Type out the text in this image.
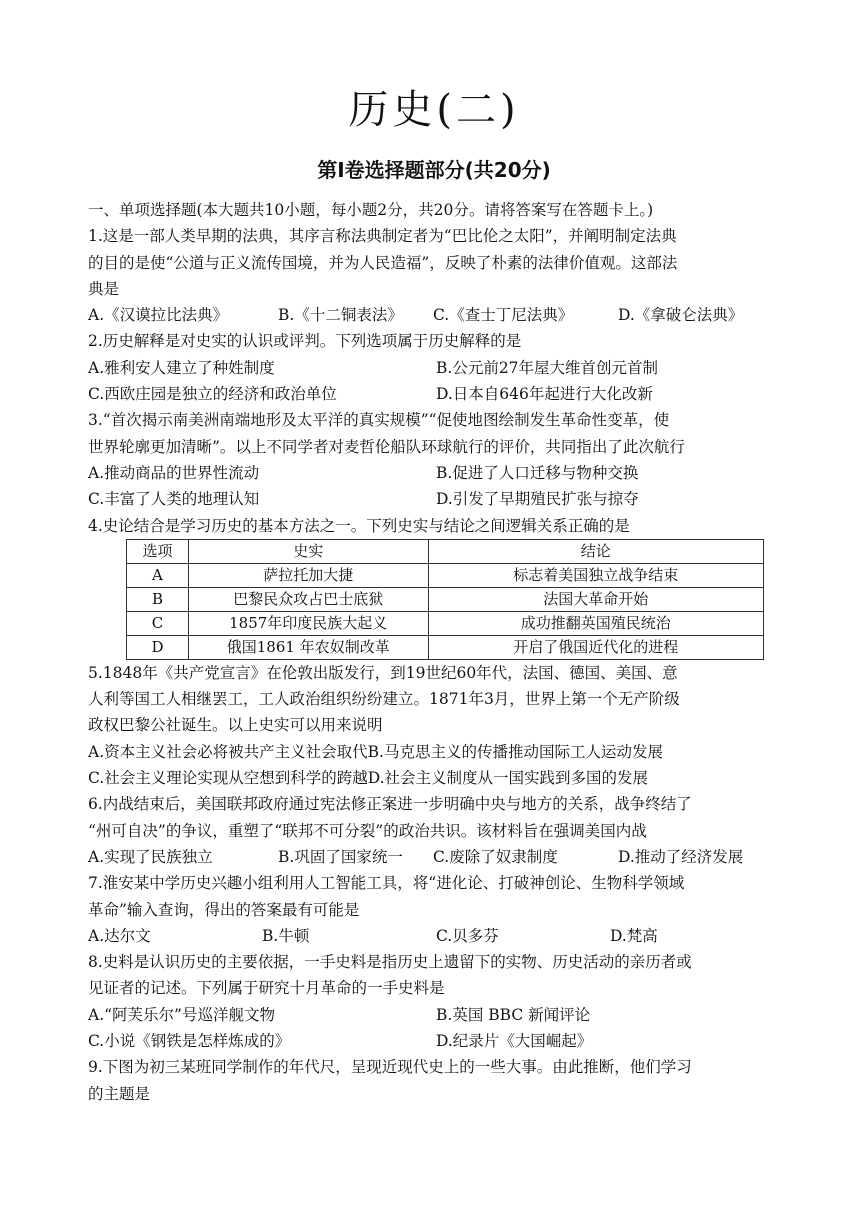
历史(二)
第Ⅰ卷选择题部分(共20分)
一、单项选择题(本大题共10小题，每小题2分，共20分。请将答案写在答题卡上。)
1.这是一部人类早期的法典，其序言称法典制定者为“巴比伦之太阳”，并阐明制定法典
的目的是使“公道与正义流传国境，并为人民造福”，反映了朴素的法律价值观。这部法
典是
A.《汉谟拉比法典》	B.《十二铜表法》	C.《查士丁尼法典》	D.《拿破仑法典》
2.历史解释是对史实的认识或评判。下列选项属于历史解释的是
A.雅利安人建立了种姓制度	B.公元前27年屋大维首创元首制
C.西欧庄园是独立的经济和政治单位	D.日本自646年起进行大化改新
3.“首次揭示南美洲南端地形及太平洋的真实规模”“促使地图绘制发生革命性变革，使
世界轮廓更加清晰”。以上不同学者对麦哲伦船队环球航行的评价，共同指出了此次航行
A.推动商品的世界性流动	B.促进了人口迁移与物种交换
C.丰富了人类的地理认知	D.引发了早期殖民扩张与掠夺
4.史论结合是学习历史的基本方法之一。下列史实与结论之间逻辑关系正确的是
选项	史实	结论
A	萨拉托加大捷	标志着美国独立战争结束
B	巴黎民众攻占巴士底狱	法国大革命开始
C	1857年印度民族大起义	成功推翻英国殖民统治
D	俄国1861 年农奴制改革	开启了俄国近代化的进程
5.1848年《共产党宣言》在伦敦出版发行，到19世纪60年代，法国、德国、美国、意
人利等国工人相继罢工，工人政治组织纷纷建立。1871年3月，世界上第一个无产阶级
政权巴黎公社诞生。以上史实可以用来说明
A.资本主义社会必将被共产主义社会取代B.马克思主义的传播推动国际工人运动发展
C.社会主义理论实现从空想到科学的跨越D.社会主义制度从一国实践到多国的发展
6.内战结束后，美国联邦政府通过宪法修正案进一步明确中央与地方的关系，战争终结了
“州可自决”的争议，重塑了“联邦不可分裂”的政治共识。该材料旨在强调美国内战
A.实现了民族独立	B.巩固了国家统一	C.废除了奴隶制度	D.推动了经济发展
7.淮安某中学历史兴趣小组利用人工智能工具，将“进化论、打破神创论、生物科学领域
革命”输入查询，得出的答案最有可能是
A.达尔文	B.牛顿	C.贝多芬	D.梵高
8.史料是认识历史的主要依据，一手史料是指历史上遗留下的实物、历史活动的亲历者或
见证者的记述。下列属于研究十月革命的一手史料是
A.“阿芙乐尔”号巡洋舰文物	B.英国 BBC 新闻评论
C.小说《钢铁是怎样炼成的》	D.纪录片《大国崛起》
9.下图为初三某班同学制作的年代尺，呈现近现代史上的一些大事。由此推断，他们学习
的主题是
